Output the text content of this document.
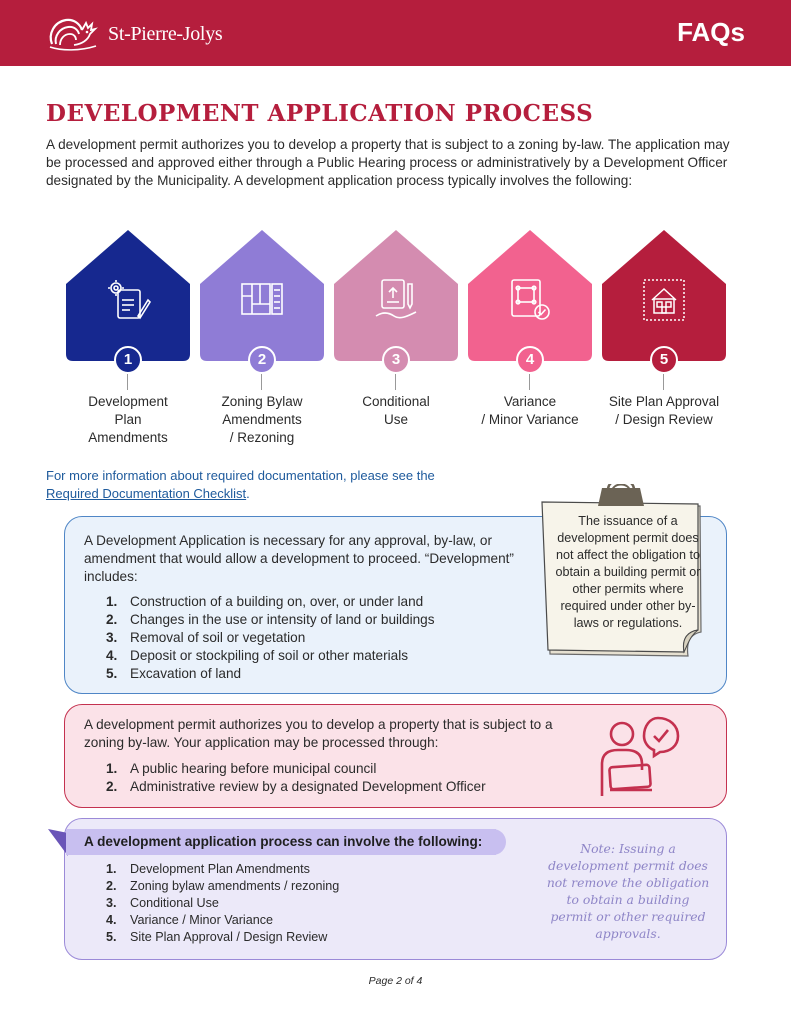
St-Pierre-Jolys	FAQs
DEVELOPMENT APPLICATION PROCESS

A development permit authorizes you to develop a property that is subject to a zoning by-law. The application may be processed and approved either through a Public Hearing process or administratively by a Development Officer designated by the Municipality. A development application process typically involves the following:

1
Development
Plan
Amendments
2
Zoning Bylaw
Amendments
/ Rezoning
3
Conditional
Use
4
Variance
/ Minor Variance
5
Site Plan Approval
/ Design Review
For more information about required documentation, please see the
Required Documentation Checklist.

A Development Application is necessary for any approval, by-law, or amendment that would allow a development to proceed. “Development” includes:

1. Construction of a building on, over, or under land
2. Changes in the use or intensity of land or buildings
3. Removal of soil or vegetation
4. Deposit or stockpiling of soil or other materials
5. Excavation of land

The issuance of a development permit does not affect the obligation to obtain a building permit or other permits where required under other by-laws or regulations.

A development permit authorizes you to develop a property that is subject to a zoning by-law. Your application may be processed through:

1. A public hearing before municipal council
2. Administrative review by a designated Development Officer
A development application process can involve the following:
1.	Development Plan Amendments
2.	Zoning bylaw amendments / rezoning
3.	Conditional Use
4.	Variance / Minor Variance
5.	Site Plan Approval / Design Review

Note: Issuing a development permit does not remove the obligation to obtain a building permit or other required approvals.

Page 2 of 4
